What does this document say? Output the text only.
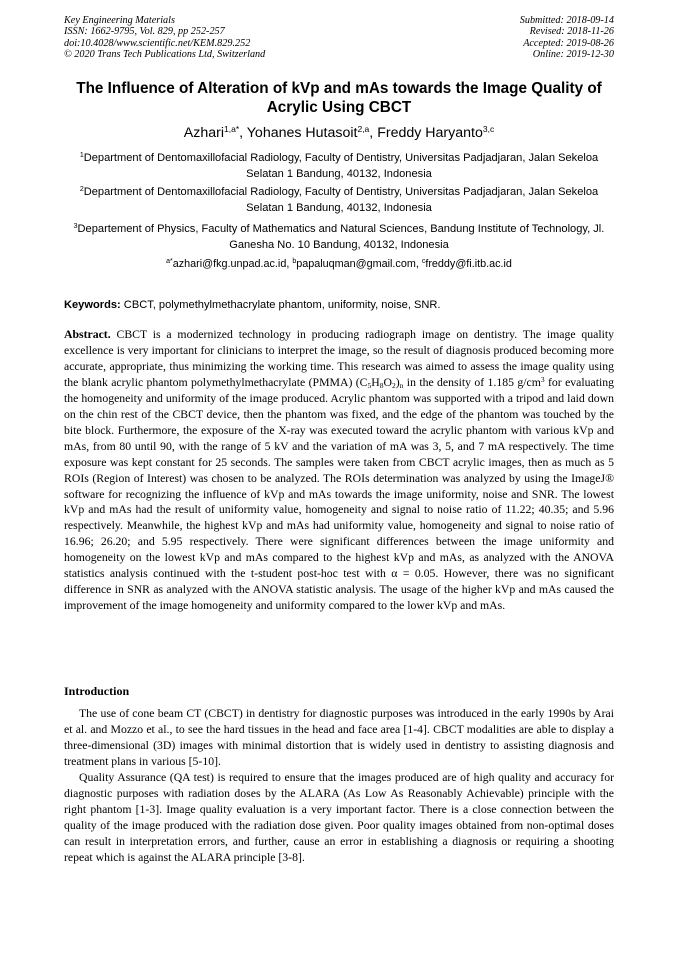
Key Engineering Materials
ISSN: 1662-9795, Vol. 829, pp 252-257
doi:10.4028/www.scientific.net/KEM.829.252
© 2020 Trans Tech Publications Ltd, Switzerland
Submitted: 2018-09-14
Revised: 2018-11-26
Accepted: 2019-08-26
Online: 2019-12-30
The Influence of Alteration of kVp and mAs towards the Image Quality of Acrylic Using CBCT
Azhari$^{1,a*}$, Yohanes Hutasoit$^{2,a}$, Freddy Haryanto$^{3,c}$
$^1$Department of Dentomaxillofacial Radiology, Faculty of Dentistry, Universitas Padjadjaran, Jalan Sekeloa Selatan 1 Bandung, 40132, Indonesia
$^2$Department of Dentomaxillofacial Radiology, Faculty of Dentistry, Universitas Padjadjaran, Jalan Sekeloa Selatan 1 Bandung, 40132, Indonesia
$^3$Departement of Physics, Faculty of Mathematics and Natural Sciences, Bandung Institute of Technology, Jl. Ganesha No. 10 Bandung, 40132, Indonesia
$^{a*}$azhari@fkg.unpad.ac.id, $^b$papaluqman@gmail.com, $^c$freddy@fi.itb.ac.id
Keywords: CBCT, polymethylmethacrylate phantom, uniformity, noise, SNR.
Abstract. CBCT is a modernized technology in producing radiograph image on dentistry. The image quality excellence is very important for clinicians to interpret the image, so the result of diagnosis produced becoming more accurate, appropriate, thus minimizing the working time. This research was aimed to assess the image quality using the blank acrylic phantom polymethylmethacrylate (PMMA) $(C_5H_8O_2)_n$ in the density of 1.185 $g/cm^3$ for evaluating the homogeneity and uniformity of the image produced. Acrylic phantom was supported with a tripod and laid down on the chin rest of the CBCT device, then the phantom was fixed, and the edge of the phantom was touched by the bite block. Furthermore, the exposure of the X-ray was executed toward the acrylic phantom with various kVp and mAs, from 80 until 90, with the range of 5 kV and the variation of mA was 3, 5, and 7 mA respectively. The time exposure was kept constant for 25 seconds. The samples were taken from CBCT acrylic images, then as much as 5 ROIs (Region of Interest) was chosen to be analyzed. The ROIs determination was analyzed by using the ImageJ® software for recognizing the influence of kVp and mAs towards the image uniformity, noise and SNR. The lowest kVp and mAs had the result of uniformity value, homogeneity and signal to noise ratio of 11.22; 40.35; and 5.96 respectively. Meanwhile, the highest kVp and mAs had uniformity value, homogeneity and signal to noise ratio of 16.96; 26.20; and 5.95 respectively. There were significant differences between the image uniformity and homogeneity on the lowest kVp and mAs compared to the highest kVp and mAs, as analyzed with the ANOVA statistics analysis continued with the t-student post-hoc test with α = 0.05. However, there was no significant difference in SNR as analyzed with the ANOVA statistic analysis. The usage of the higher kVp and mAs caused the improvement of the image homogeneity and uniformity compared to the lower kVp and mAs.
Introduction

The use of cone beam CT (CBCT) in dentistry for diagnostic purposes was introduced in the early 1990s by Arai et al. and Mozzo et al., to see the hard tissues in the head and face area [1-4]. CBCT modalities are able to display a three-dimensional (3D) images with minimal distortion that is widely used in dentistry to assisting diagnosis and treatment plans in various [5-10].

Quality Assurance (QA test) is required to ensure that the images produced are of high quality and accuracy for diagnostic purposes with radiation doses by the ALARA (As Low As Reasonably Achievable) principle with the right phantom [1-3]. Image quality evaluation is a very important factor. There is a close connection between the quality of the image produced with the radiation dose given. Poor quality images obtained from non-optimal doses can result in interpretation errors, and further, cause an error in establishing a diagnosis or requiring a shooting repeat which is against the ALARA principle [3-8].
